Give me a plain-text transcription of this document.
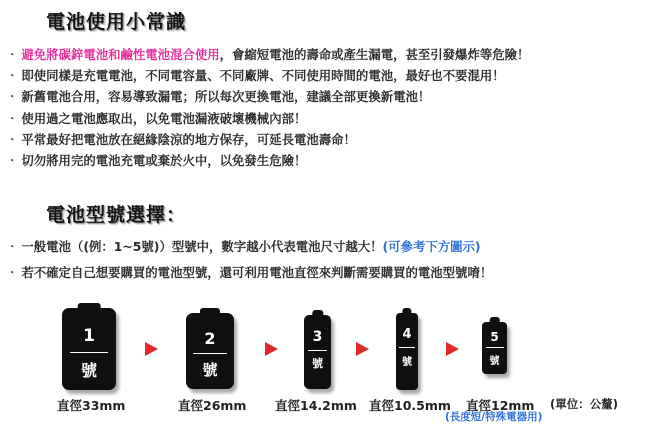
電池使用小常識
・ 避免將碳鋅電池和鹼性電池混合使用，會縮短電池的壽命或產生漏電，甚至引發爆炸等危險！
・ 即使同樣是充電電池，不同電容量、不同廠牌、不同使用時間的電池，最好也不要混用！
・ 新舊電池合用，容易導致漏電；所以每次更換電池，建議全部更換新電池！
・ 使用過之電池應取出，以免電池漏液破壞機械內部！
・ 平常最好把電池放在絕緣陰涼的地方保存，可延長電池壽命！
・ 切勿將用完的電池充電或棄於火中，以免發生危險！
電池型號選擇：
・ 一般電池（(例：1~5號)）型號中，數字越小代表電池尺寸越大！(可參考下方圖示)
・ 若不確定自己想要購買的電池型號，還可利用電池直徑來判斷需要購買的電池型號唷！
1
號
2
號
3
號
4
號
5
號
直徑33mm	直徑26mm 直徑14.2mm 直徑10.5mm 直徑12mm (單位：公釐)
(長度短/特殊電器用)
